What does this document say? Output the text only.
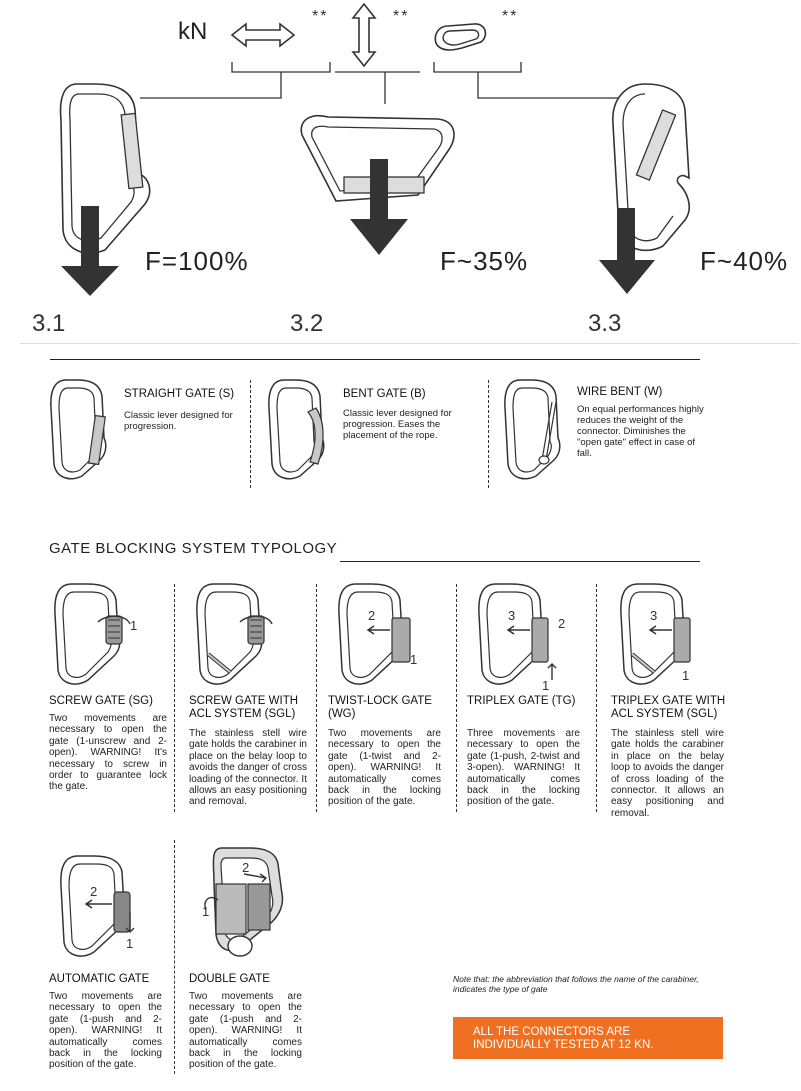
kN
**	**	**
F=100%
3.1
F~35%
3.2
F~40%
3.3
STRAIGHT GATE (S)
Classic lever designed for progression.
BENT GATE (B)
Classic lever designed for progression. Eases the placement of the rope.
WIRE BENT (W)
On equal performances highly reduces the weight of the connector. Diminishes the "open gate" effect in case of fall.
GATE BLOCKING SYSTEM TYPOLOGY
1
2
1
3
2
1
3
1
SCREW GATE (SG)
Two movements are necessary to open the gate (1-unscrew and 2-open). WARNING! It's necessary to screw in order to guarantee lock the gate.
SCREW GATE WITH ACL SYSTEM (SGL)
The stainless stell wire gate holds the carabiner in place on the belay loop to avoids the danger of cross loading of the connector. It allows an easy positioning and removal.
TWIST-LOCK GATE (WG)
Two movements are necessary to open the gate (1-twist and 2-open). WARNING! It automatically comes back in the locking position of the gate.
TRIPLEX GATE (TG)
Three movements are necessary to open the gate (1-push, 2-twist and 3-open). WARNING! It automatically comes back in the locking position of the gate.
TRIPLEX GATE WITH ACL SYSTEM (SGL)
The stainless stell wire gate holds the carabiner in place on the belay loop to avoids the danger of cross loading of the connector. It allows an easy positioning and removal.
2
1
2
1
AUTOMATIC GATE
Two movements are necessary to open the gate (1-push and 2-open). WARNING! It automatically comes back in the locking position of the gate.
DOUBLE GATE
Two movements are necessary to open the gate (1-push and 2-open). WARNING! It automatically comes back in the locking position of the gate.
Note that: the abbreviation that follows the name of the carabiner, indicates the type of gate
ALL THE CONNECTORS ARE INDIVIDUALLY TESTED AT 12 KN.
